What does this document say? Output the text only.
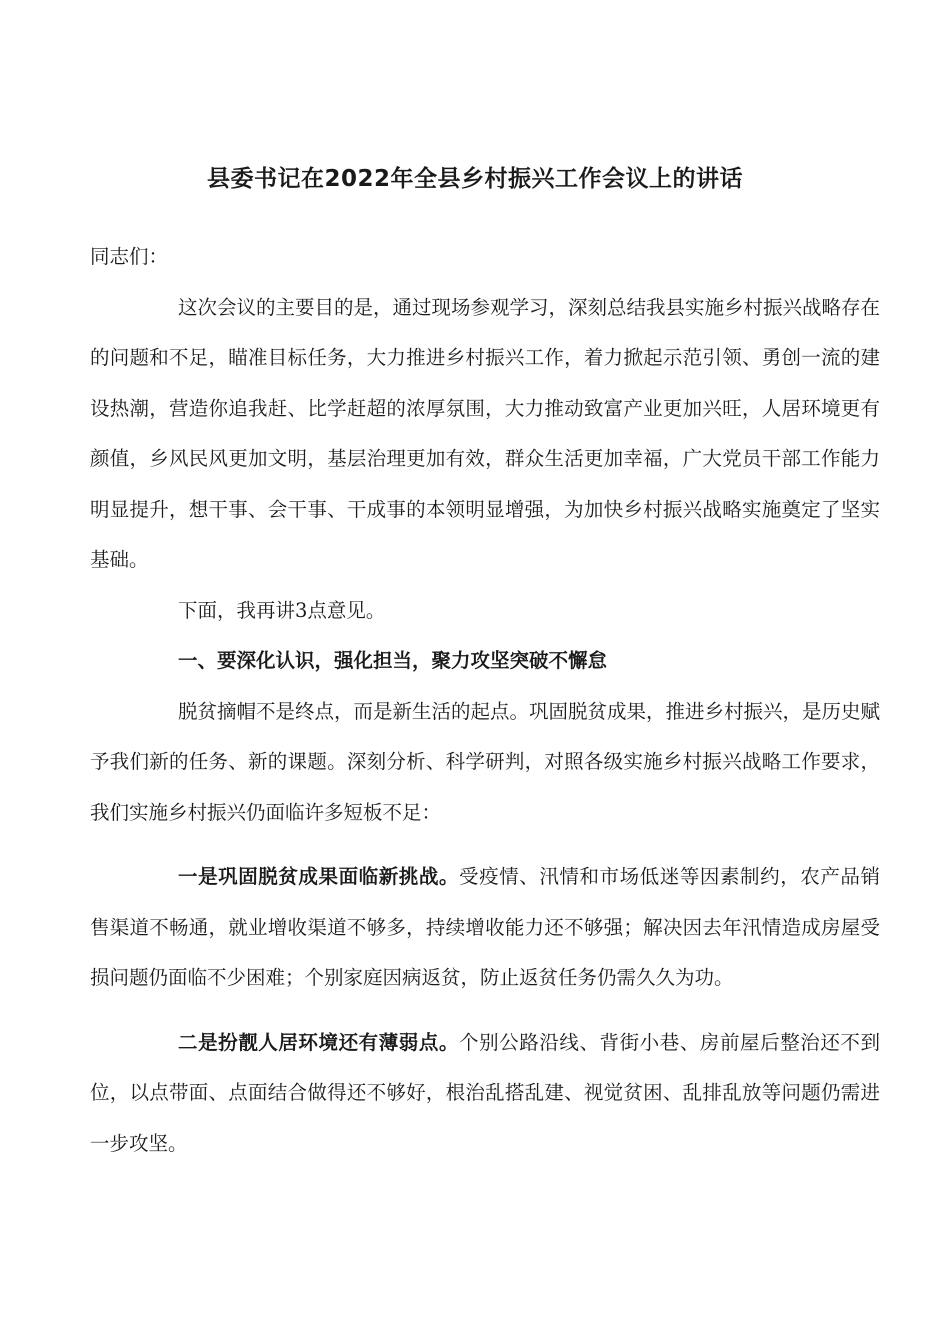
县委书记在2022年全县乡村振兴工作会议上的讲话

同志们：

这次会议的主要目的是，通过现场参观学习，深刻总结我县实施乡村振兴战略存在的问题和不足，瞄准目标任务，大力推进乡村振兴工作，着力掀起示范引领、勇创一流的建设热潮，营造你追我赶、比学赶超的浓厚氛围，大力推动致富产业更加兴旺，人居环境更有颜值，乡风民风更加文明，基层治理更加有效，群众生活更加幸福，广大党员干部工作能力明显提升，想干事、会干事、干成事的本领明显增强，为加快乡村振兴战略实施奠定了坚实基础。

下面，我再讲3点意见。

一、要深化认识，强化担当，聚力攻坚突破不懈怠

脱贫摘帽不是终点，而是新生活的起点。巩固脱贫成果，推进乡村振兴，是历史赋予我们新的任务、新的课题。深刻分析、科学研判，对照各级实施乡村振兴战略工作要求，我们实施乡村振兴仍面临许多短板不足：

一是巩固脱贫成果面临新挑战。受疫情、汛情和市场低迷等因素制约，农产品销售渠道不畅通，就业增收渠道不够多，持续增收能力还不够强；解决因去年汛情造成房屋受损问题仍面临不少困难；个别家庭因病返贫，防止返贫任务仍需久久为功。

二是扮靓人居环境还有薄弱点。个别公路沿线、背街小巷、房前屋后整治还不到位，以点带面、点面结合做得还不够好，根治乱搭乱建、视觉贫困、乱排乱放等问题仍需进一步攻坚。
